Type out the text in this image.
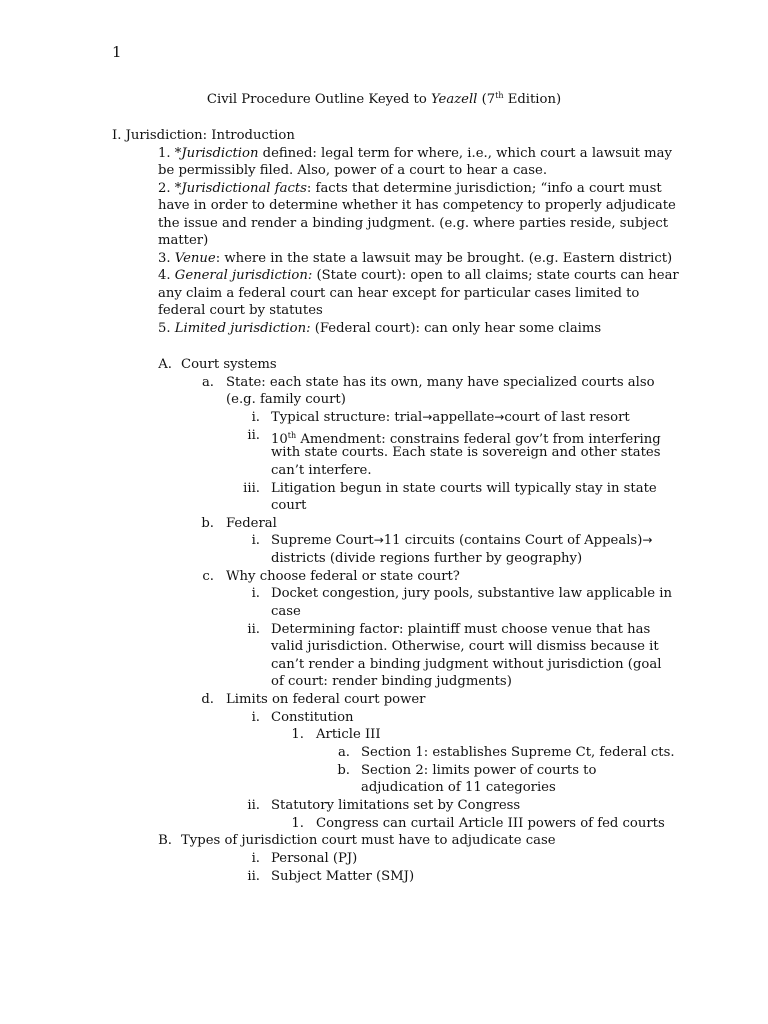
1
Civil Procedure Outline Keyed to Yeazell (7th Edition)
I. Jurisdiction: Introduction
1. *Jurisdiction defined: legal term for where, i.e., which court a lawsuit may
be permissibly filed. Also, power of a court to hear a case.
2. *Jurisdictional facts: facts that determine jurisdiction; “info a court must
have in order to determine whether it has competency to properly adjudicate
the issue and render a binding judgment. (e.g. where parties reside, subject
matter)
3. Venue: where in the state a lawsuit may be brought. (e.g. Eastern district)
4. General jurisdiction: (State court): open to all claims; state courts can hear
any claim a federal court can hear except for particular cases limited to
federal court by statutes
5. Limited jurisdiction: (Federal court): can only hear some claims
A. Court systems
a. State: each state has its own, many have specialized courts also
(e.g. family court)
i. Typical structure: trial→appellate→court of last resort
ii. 10th Amendment: constrains federal gov’t from interfering
with state courts. Each state is sovereign and other states
can’t interfere.
iii. Litigation begun in state courts will typically stay in state
court
b. Federal
i. Supreme Court→11 circuits (contains Court of Appeals)→
districts (divide regions further by geography)
c. Why choose federal or state court?
i. Docket congestion, jury pools, substantive law applicable in
case
ii. Determining factor: plaintiff must choose venue that has
valid jurisdiction. Otherwise, court will dismiss because it
can’t render a binding judgment without jurisdiction (goal
of court: render binding judgments)
d. Limits on federal court power
i. Constitution
1. Article III
a. Section 1: establishes Supreme Ct, federal cts.
b. Section 2: limits power of courts to
adjudication of 11 categories
ii. Statutory limitations set by Congress
1. Congress can curtail Article III powers of fed courts
B. Types of jurisdiction court must have to adjudicate case
i. Personal (PJ)
ii. Subject Matter (SMJ)
